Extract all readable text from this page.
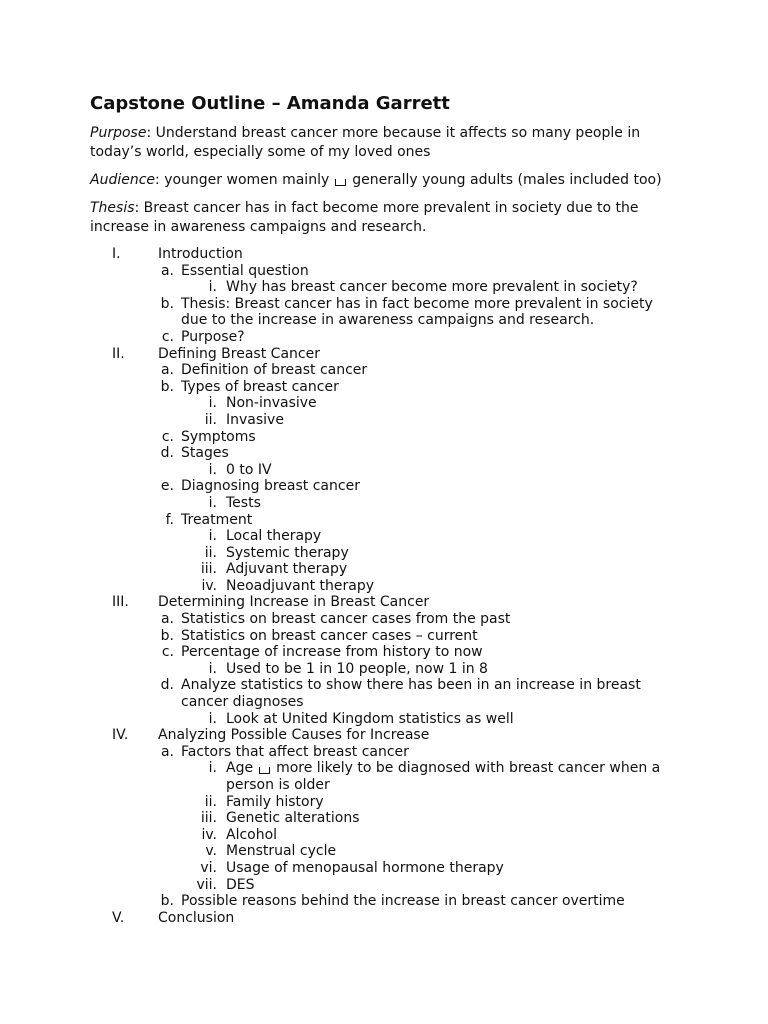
Capstone Outline – Amanda Garrett
Purpose: Understand breast cancer more because it affects so many people in today’s world, especially some of my loved ones
Audience: younger women mainly generally young adults (males included too)
Thesis: Breast cancer has in fact become more prevalent in society due to the increase in awareness campaigns and research.
I.	Introduction
a. Essential question
i. Why has breast cancer become more prevalent in society?
b. Thesis: Breast cancer has in fact become more prevalent in society due to the increase in awareness campaigns and research.
c. Purpose?
II.	Defining Breast Cancer
a. Definition of breast cancer
b. Types of breast cancer
i. Non-invasive
ii. Invasive
c. Symptoms
d. Stages
i. 0 to IV
e. Diagnosing breast cancer
i. Tests
f. Treatment
i. Local therapy
ii. Systemic therapy
iii. Adjuvant therapy
iv. Neoadjuvant therapy
III.	Determining Increase in Breast Cancer
a. Statistics on breast cancer cases from the past
b. Statistics on breast cancer cases – current
c. Percentage of increase from history to now
i. Used to be 1 in 10 people, now 1 in 8
d. Analyze statistics to show there has been in an increase in breast cancer diagnoses
i. Look at United Kingdom statistics as well
IV.	Analyzing Possible Causes for Increase
a. Factors that affect breast cancer
i. Age more likely to be diagnosed with breast cancer when a person is older
ii. Family history
iii. Genetic alterations
iv. Alcohol
v. Menstrual cycle
vi. Usage of menopausal hormone therapy
vii. DES
b. Possible reasons behind the increase in breast cancer overtime
V.	Conclusion
